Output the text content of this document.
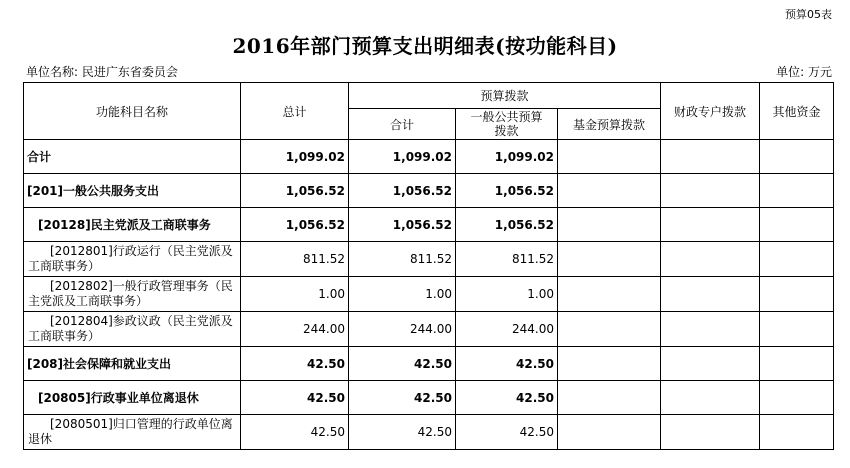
预算05表
2016年部门预算支出明细表(按功能科目)
单位名称: 民进广东省委员会	单位: 万元
功能科目名称	总计	预算拨款			财政专户拨款	其他资金
		合计	一般公共预算拨款	基金预算拨款		
合计	1,099.02	1,099.02	1,099.02			
[201]一般公共服务支出	1,056.52	1,056.52	1,056.52			
[20128]民主党派及工商联事务	1,056.52	1,056.52	1,056.52			
[2012801]行政运行（民主党派及工商联事务）	811.52	811.52	811.52			
[2012802]一般行政管理事务（民主党派及工商联事务）	1.00	1.00	1.00			
[2012804]参政议政（民主党派及工商联事务）	244.00	244.00	244.00			
[208]社会保障和就业支出	42.50	42.50	42.50			
[20805]行政事业单位离退休	42.50	42.50	42.50			
[2080501]归口管理的行政单位离退休	42.50	42.50	42.50			
